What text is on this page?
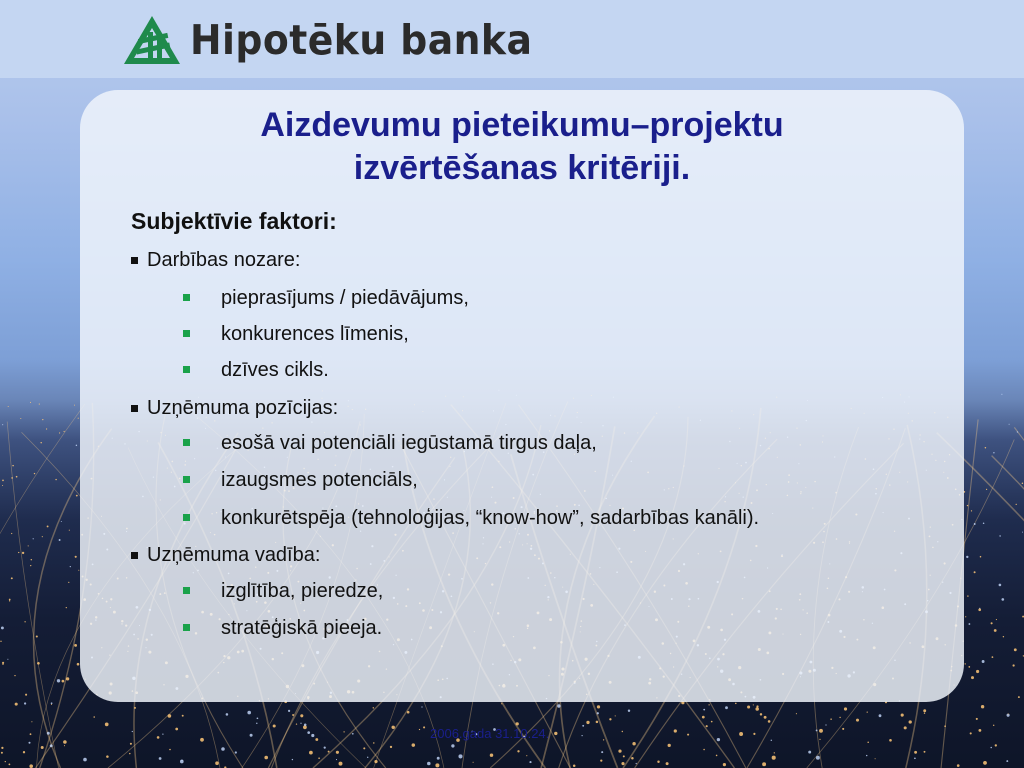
Hipotēku banka
Aizdevumu pieteikumu–projektu
izvērtēšanas kritēriji.
Subjektīvie faktori:
Darbības nozare:
pieprasījums / piedāvājums,
konkurences līmenis,
dzīves cikls.
Uzņēmuma pozīcijas:
esošā vai potenciāli iegūstamā tirgus daļa,
izaugsmes potenciāls,
konkurētspēja (tehnoloģijas, “know-how”, sadarbības kanāli).
Uzņēmuma vadība:
izglītība, pieredze,
stratēģiskā pieeja.
2006.gada 31.10.24.
